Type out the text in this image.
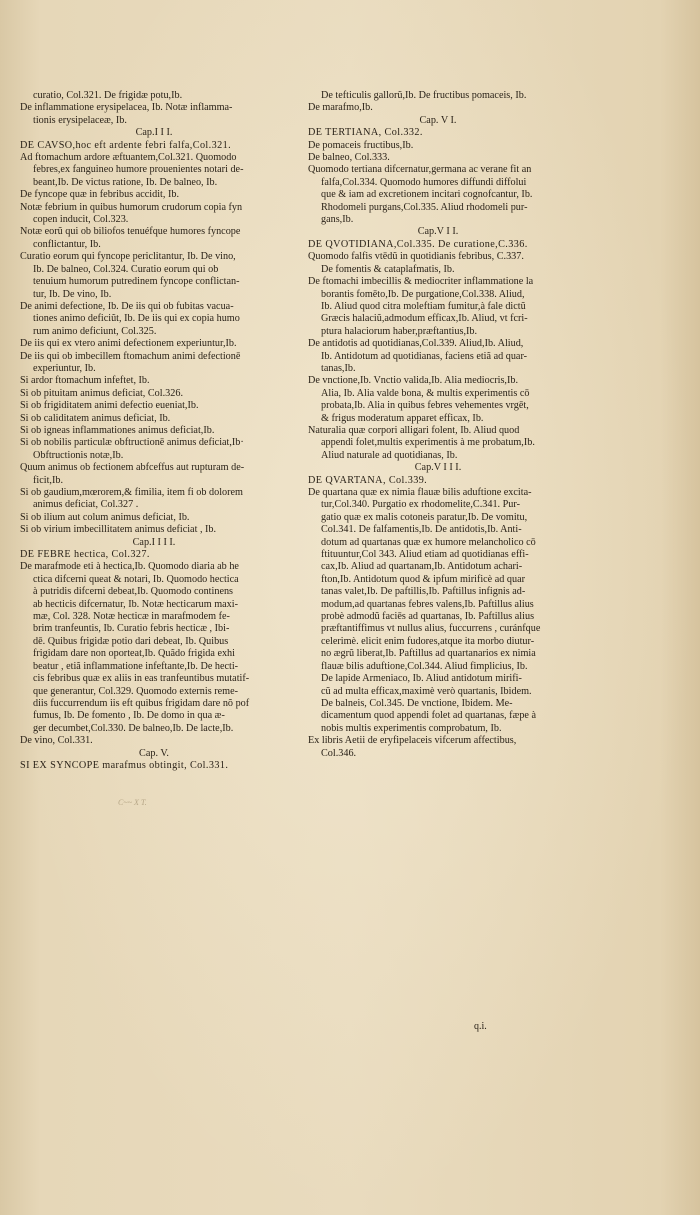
curatio, Col.321. De frigidæ potu,Ib.
De inflammatione erysipelacea, Ib. Notæ inflamma-
tionis erysipelaceæ, Ib.
Cap.I I I.
DE CAVSO,hoc eft ardente febri falfa,Col.321.
Ad ftomachum ardore æftuantem,Col.321. Quomodo
febres,ex fanguineo humore prouenientes notari de-
beant,Ib. De victus ratione, Ib. De balneo, Ib.
De fyncope quæ in febribus accidit, Ib.
Notæ febrium in quibus humorum crudorum copia fyn
copen inducit, Col.323.
Notæ eorũ qui ob biliofos tenuéfque humores fyncope
conflictantur, Ib.
Curatio eorum qui fyncope periclitantur, Ib. De vino,
Ib. De balneo, Col.324. Curatio eorum qui ob
tenuium humorum putredinem fyncope conflictan-
tur, Ib. De vino, Ib.
De animi defectione, Ib. De iis qui ob fubitas vacua-
tiones animo deficiũt, Ib. De iis qui ex copia humo
rum animo deficiunt, Col.325.
De iis qui ex vtero animi defectionem experiuntur,Ib.
De iis qui ob imbecillem ftomachum animi defectionē
experiuntur, Ib.
Si ardor ftomachum infeftet, Ib.
Si ob pituitam animus deficiat, Col.326.
Si ob frigiditatem animi defectio eueniat,Ib.
Si ob caliditatem animus deficiat, Ib.
Si ob igneas inflammationes animus deficiat,Ib.
Si ob nobilis particulæ obftructionē animus deficiat,Ib·
Obftructionis notæ,Ib.
Quum animus ob fectionem abfceffus aut rupturam de-
ficit,Ib.
Si ob gaudium,mœrorem,& fimilia, item fi ob dolorem
animus deficiat, Col.327 .
Si ob ilium aut colum animus deficiat, Ib.
Si ob virium imbecillitatem animus deficiat , Ib.
Cap.I I I I.
DE FEBRE hectica, Col.327.
De marafmode eti à hectica,Ib. Quomodo diaria ab he
ctica difcerni queat & notari, Ib. Quomodo hectica
à putridis difcerni debeat,Ib. Quomodo continens
ab hecticis difcernatur, Ib. Notæ hecticarum maxi-
mæ, Col. 328. Notæ hecticæ in marafmodem fe-
brim tranfeuntis, Ib. Curatio febris hecticæ , Ibi-
dē. Quibus frigidæ potio dari debeat, Ib. Quibus
frigidam dare non oporteat,Ib. Quãdo frigida exhi
beatur , etiã inflammatione infeftante,Ib. De hecti-
cis febribus quæ ex aliis in eas tranfeuntibus mutatif-
que generantur, Col.329. Quomodo externis reme-
diis fuccurrendum iis eft quibus frigidam dare nõ pof
fumus, Ib. De fomento , Ib. De domo in qua æ-
ger decumbet,Col.330. De balneo,Ib. De lacte,Ib.
De vino, Col.331.
Cap. V.
SI EX SYNCOPE marafmus obtingit, Col.331.
De tefticulis gallorũ,Ib. De fructibus pomaceis, Ib.
De marafmo,Ib.
Cap. V I.
DE TERTIANA, Col.332.
De pomaceis fructibus,Ib.
De balneo, Col.333.
Quomodo tertiana difcernatur,germana ac verane fit an
falfa,Col.334. Quomodo humores diffundi diffolui
que & iam ad excretionem incitari cognofcantur, Ib.
Rhodomeli purgans,Col.335. Aliud rhodomeli pur-
gans,Ib.
Cap.V I I.
DE QVOTIDIANA,Col.335. De curatione,C.336.
Quomodo falfis vtēdũ in quotidianis febribus, C.337.
De fomentis & cataplafmatis, Ib.
De ftomachi imbecillis & mediocriter inflammatione la
borantis fomēto,Ib. De purgatione,Col.338. Aliud,
Ib. Aliud quod citra moleftiam fumitur,à fale dictũ
Græcis halaciũ,admodum efficax,Ib. Aliud, vt fcri-
ptura halaciorum haber,præftantius,Ib.
De antidotis ad quotidianas,Col.339. Aliud,Ib. Aliud,
Ib. Antidotum ad quotidianas, faciens etiã ad quar-
tanas,Ib.
De vnctione,Ib. Vnctio valida,Ib. Alia mediocris,Ib.
Alia, Ib. Alia valde bona, & multis experimentis cō
probata,Ib. Alia in quibus febres vehementes vrgēt,
& frigus moderatum apparet efficax, Ib.
Naturalia quæ corpori alligari folent, Ib. Aliud quod
appendi folet,multis experimentis à me probatum,Ib.
Aliud naturale ad quotidianas, Ib.
Cap.V I I I.
DE QVARTANA, Col.339.
De quartana quæ ex nimia flauæ bilis aduftione excita-
tur,Col.340. Purgatio ex rhodomelite,C.341. Pur-
gatio quæ ex malis cotoneis paratur,Ib. De vomitu,
Col.341. De falfamentis,Ib. De antidotis,Ib. Anti-
dotum ad quartanas quæ ex humore melancholico cō
ftituuntur,Col 343. Aliud etiam ad quotidianas effi-
cax,Ib. Aliud ad quartanam,Ib. Antidotum achari-
fton,Ib. Antidotum quod & ipfum mirificè ad quar
tanas valet,Ib. De paftillis,Ib. Paftillus infignis ad-
modum,ad quartanas febres valens,Ib. Paftillus alius
probè admodũ faciēs ad quartanas, Ib. Paftillus alius
præftantiffimus vt nullus alius, fuccurrens , curánfque
celerimè. elicit enim fudores,atque ita morbo diutur-
no ægrũ liberat,Ib. Paftillus ad quartanarios ex nimia
flauæ bilis aduftione,Col.344. Aliud fimplicius, Ib.
De lapide Armeniaco, Ib. Aliud antidotum mirifi-
cũ ad multa efficax,maximè verò quartanis, Ibidem.
De balneis, Col.345. De vnctione, Ibidem. Me-
dicamentum quod appendi folet ad quartanas, fæpe à
nobis multis experimentis comprobatum, Ib.
Ex libris Aetii de eryfipelaceis vifcerum affectibus,
Col.346.
C~~ X T.
q.i.
